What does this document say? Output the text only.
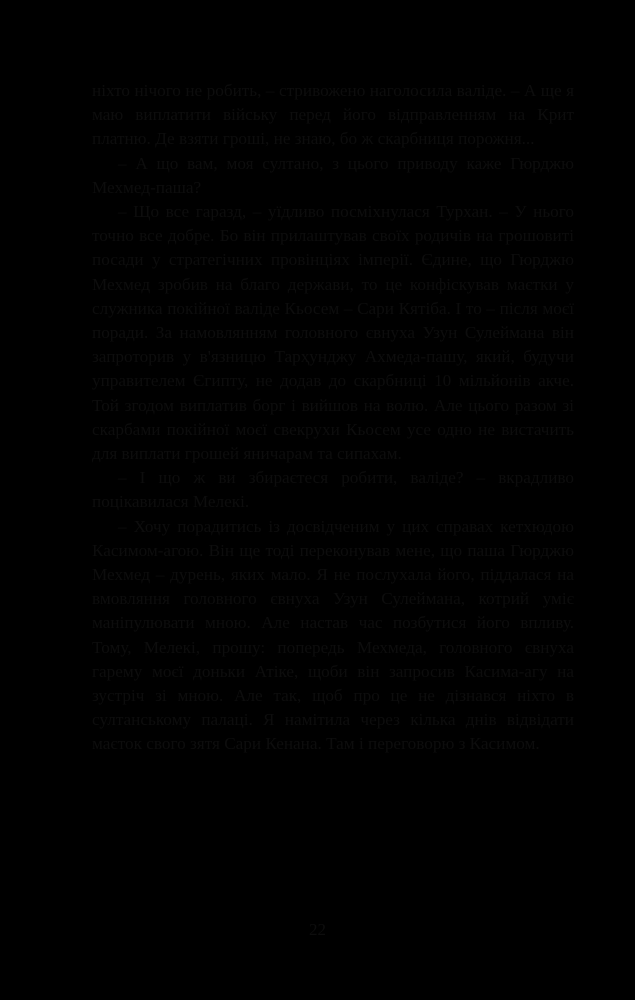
ніхто нічого не робить, – стривожено наголосила валіде. – А ще я маю виплатити війську перед його відправленням на Крит платню. Де взяти гроші, не знаю, бо ж скарбниця порожня...

– А що вам, моя султано, з цього приводу каже Гюрджю Мехмед-паша?

– Що все гаразд, – уїдливо посміхнулася Турхан. – У нього точно все добре. Бо він прилаштував своїх родичів на грошовиті посади у стратегічних провінціях імперії. Єдине, що Гюрджю Мехмед зробив на благо держави, то це конфіскував маєтки у служника покійної валіде Кьосем – Сари Кятіба. І то – після моєї поради. За намовлянням головного євнуха Узун Сулеймана він запроторив у в'язницю Тарҳунджу Ахмеда-пашу, який, будучи управителем Єгипту, не додав до скарбниці 10 мільйонів акче. Той згодом виплатив борг і вийшов на волю. Але цього разом зі скарбами покійної моєї свекрухи Кьосем усе одно не вистачить для виплати грошей яничарам та сипахам.

– І що ж ви збираєтеся робити, валіде? – вкрадливо поцікавилася Мелекі.

– Хочу порадитись із досвідченим у цих справах кетхюдою Касимом-агою. Він ще тоді переконував мене, що паша Гюрджю Мехмед – дурень, яких мало. Я не послухала його, піддалася на вмовляння головного євнуха Узун Сулеймана, котрий уміє маніпулювати мною. Але настав час позбутися його впливу. Тому, Мелекі, прошу: попередь Мехмеда, головного євнуха гарему моєї доньки Атіке, щоби він запросив Касима-агу на зустріч зі мною. Але так, щоб про це не дізнався ніхто в султанському палаці. Я намітила через кілька днів відвідати маєток свого зятя Сари Кенана. Там і переговорю з Касимом.

22
